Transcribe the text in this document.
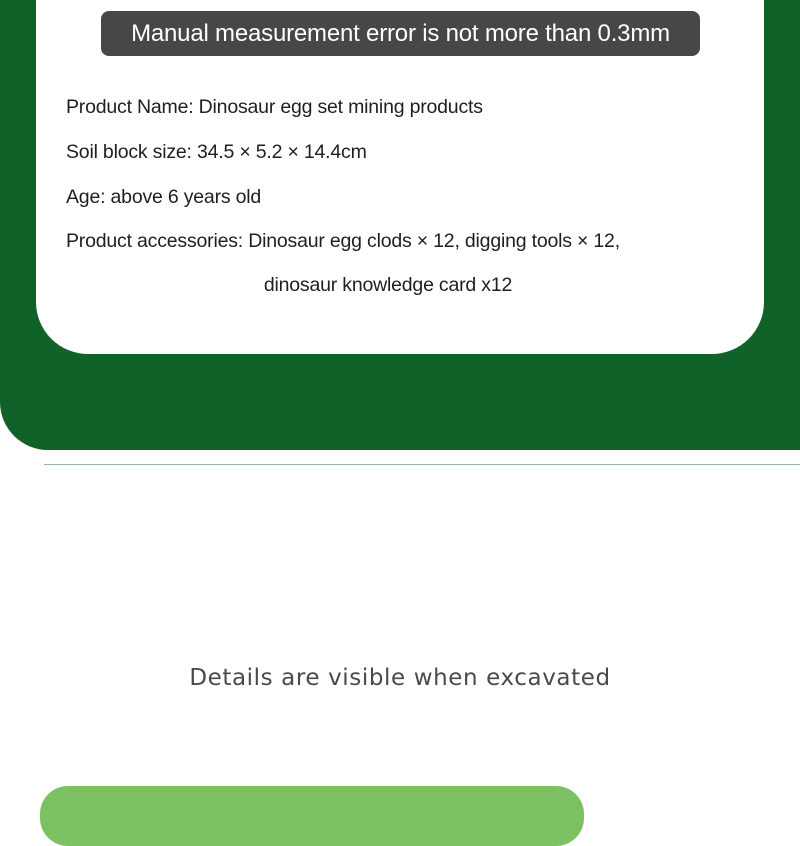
Manual measurement error is not more than 0.3mm
Product Name: Dinosaur egg set mining products
Soil block size: 34.5 × 5.2 × 14.4cm
Age: above 6 years old
Product accessories: Dinosaur egg clods × 12, digging tools × 12,
dinosaur knowledge card x12
Details are visible when excavated
